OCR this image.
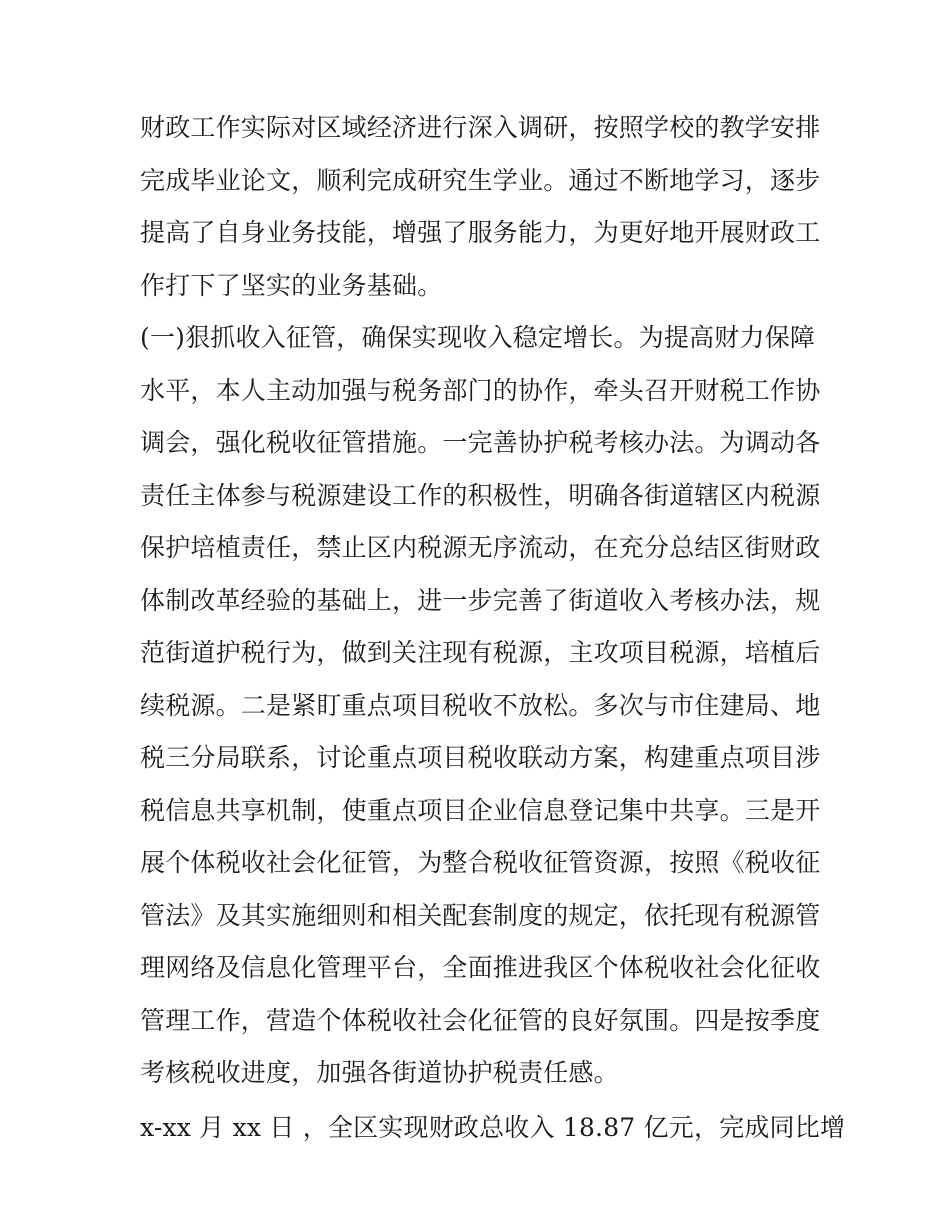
财政工作实际对区域经济进行深入调研，按照学校的教学安排
完成毕业论文，顺利完成研究生学业。通过不断地学习，逐步
提高了自身业务技能，增强了服务能力，为更好地开展财政工
作打下了坚实的业务基础。
(一)狠抓收入征管，确保实现收入稳定增长。为提高财力保障
水平，本人主动加强与税务部门的协作，牵头召开财税工作协
调会，强化税收征管措施。一完善协护税考核办法。为调动各
责任主体参与税源建设工作的积极性，明确各街道辖区内税源
保护培植责任，禁止区内税源无序流动，在充分总结区街财政
体制改革经验的基础上，进一步完善了街道收入考核办法，规
范街道护税行为，做到关注现有税源，主攻项目税源，培植后
续税源。二是紧盯重点项目税收不放松。多次与市住建局、地
税三分局联系，讨论重点项目税收联动方案，构建重点项目涉
税信息共享机制，使重点项目企业信息登记集中共享。三是开
展个体税收社会化征管，为整合税收征管资源，按照《税收征
管法》及其实施细则和相关配套制度的规定，依托现有税源管
理网络及信息化管理平台，全面推进我区个体税收社会化征收
管理工作，营造个体税收社会化征管的良好氛围。四是按季度
考核税收进度，加强各街道协护税责任感。
x-xx 月 xx 日 ，全区实现财政总收入 18.87 亿元，完成同比增
